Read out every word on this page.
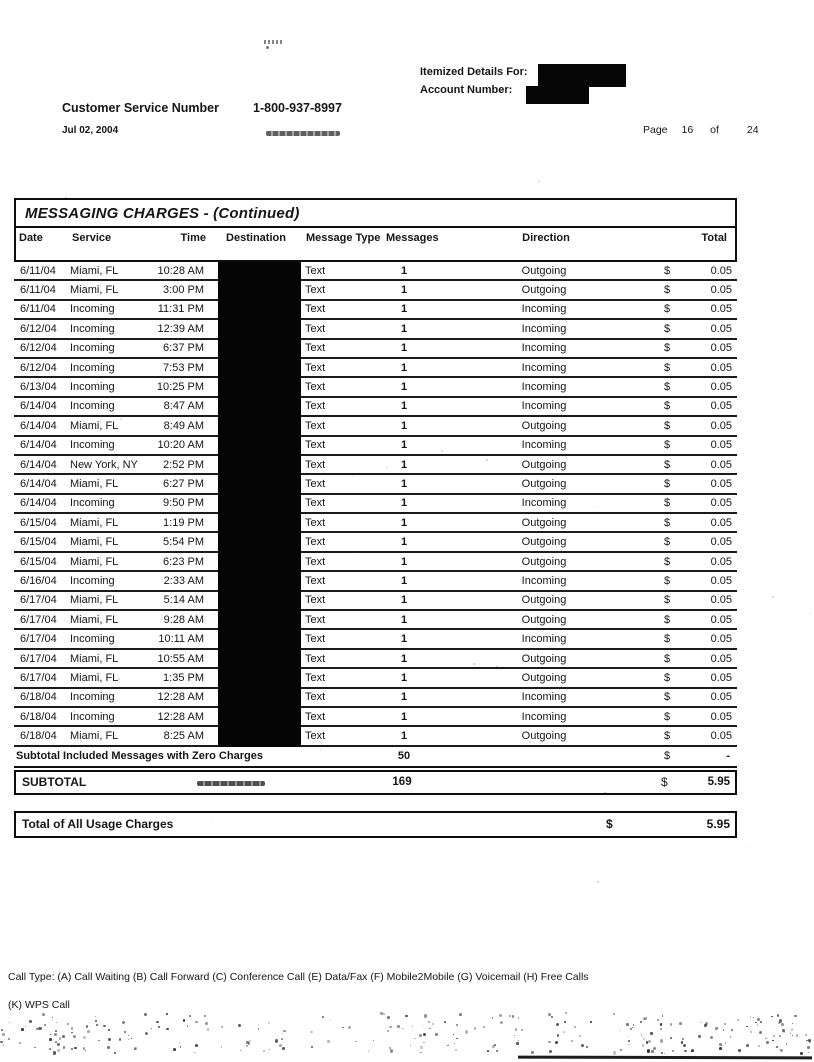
Itemized Details For:
Account Number:
Customer Service Number	1-800-937-8997
Jul 02, 2004	Page 16 of	24
MESSAGING CHARGES - (Continued)
Date	Service	Time	Destination	Message Type Messages	Direction	Total
6/11/04	Miami, FL	10:28 AM	Text	1	Outgoing	$	0.05
6/11/04	Miami, FL	3:00 PM	Text	1	Outgoing	$	0.05
6/11/04	Incoming	11:31 PM	Text	1	Incoming	$	0.05
6/12/04	Incoming	12:39 AM	Text	1	Incoming	$	0.05
6/12/04	Incoming	6:37 PM	Text	1	Incoming	$	0.05
6/12/04	Incoming	7:53 PM	Text	1	Incoming	$	0.05
6/13/04	Incoming	10:25 PM	Text	1	Incoming	$	0.05
6/14/04	Incoming	8:47 AM	Text	1	Incoming	$	0.05
6/14/04	Miami, FL	8:49 AM	Text	1	Outgoing	$	0.05
6/14/04	Incoming	10:20 AM	Text	1	Incoming	$	0.05
6/14/04	New York, NY	2:52 PM	Text	1	Outgoing	$	0.05
6/14/04	Miami, FL	6:27 PM	Text	1	Outgoing	$	0.05
6/14/04	Incoming	9:50 PM	Text	1	Incoming	$	0.05
6/15/04	Miami, FL	1:19 PM	Text	1	Outgoing	$	0.05
6/15/04	Miami, FL	5:54 PM	Text	1	Outgoing	$	0.05
6/15/04	Miami, FL	6:23 PM	Text	1	Outgoing	$	0.05
6/16/04	Incoming	2:33 AM	Text	1	Incoming	$	0.05
6/17/04	Miami, FL	5:14 AM	Text	1	Outgoing	$	0.05
6/17/04	Miami, FL	9:28 AM	Text	1	Outgoing	$	0.05
6/17/04	Incoming	10:11 AM	Text	1	Incoming	$	0.05
6/17/04	Miami, FL	10:55 AM	Text	1	Outgoing	$	0.05
6/17/04	Miami, FL	1:35 PM	Text	1	Outgoing	$	0.05
6/18/04	Incoming	12:28 AM	Text	1	Incoming	$	0.05
6/18/04	Incoming	12:28 AM	Text	1	Incoming	$	0.05
6/18/04	Miami, FL	8:25 AM	Text	1	Outgoing	$	0.05
Subtotal Included Messages with Zero Charges	50	$	-
SUBTOTAL	169	$	5.95
Total of All Usage Charges	$	5.95
Call Type: (A) Call Waiting (B) Call Forward (C) Conference Call (E) Data/Fax (F) Mobile2Mobile (G) Voicemail (H) Free Calls
(K) WPS Call
